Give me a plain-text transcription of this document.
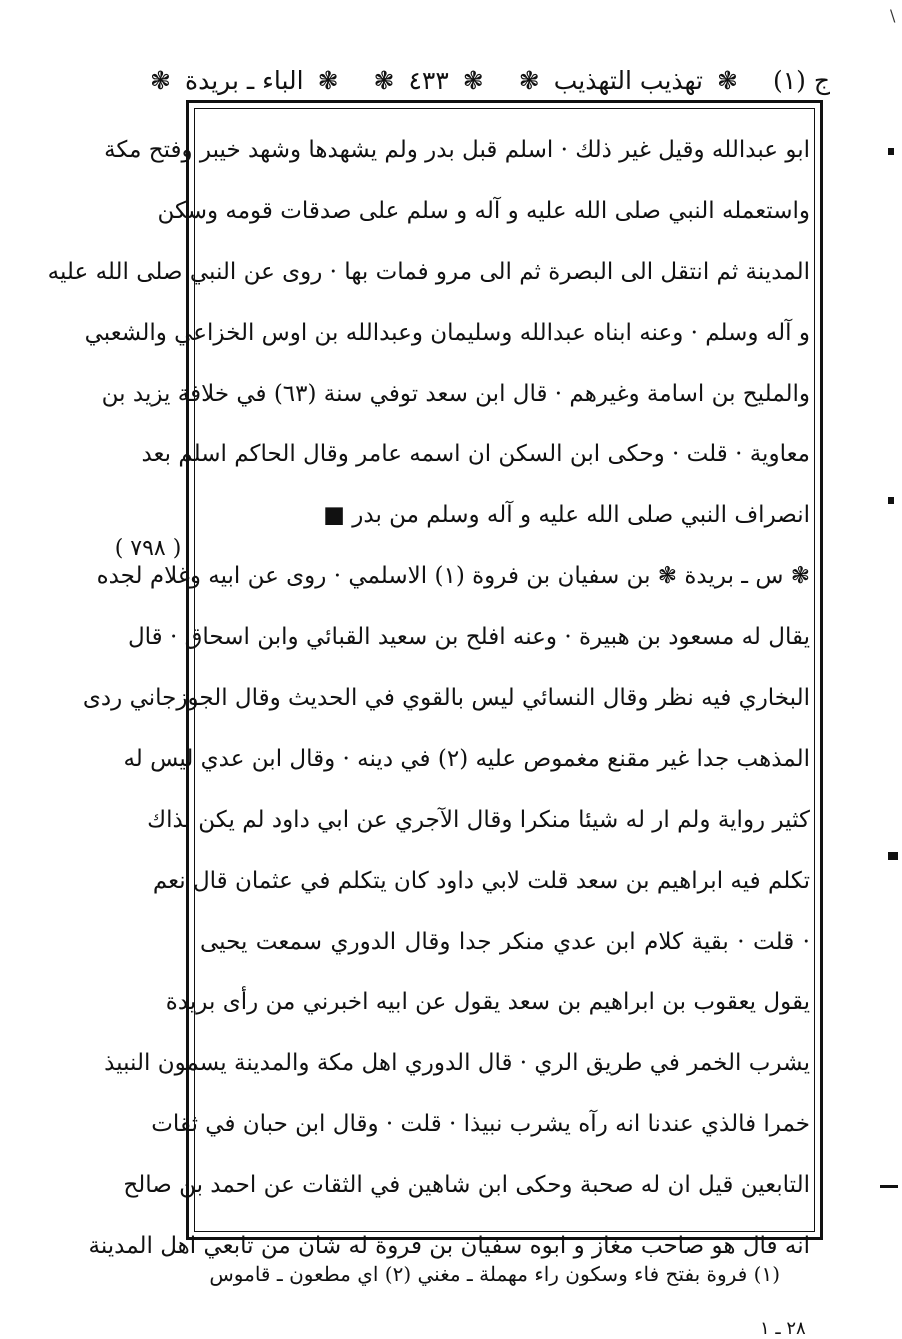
\
ج (١)
❃
تهذيب التهذيب
❃
❃
٤٣٣
❃
❃
الباء ـ بريدة
❃
ابو عبدالله وقيل غير ذلك · اسلم قبل بدر ولم يشهدها وشهد خيبر وفتح مكة
واستعمله النبي صلى الله عليه و آله و سلم على صدقات قومه وسكن
المدينة ثم انتقل الى البصرة ثم الى مرو فمات بها · روى عن النبي صلى الله عليه
و آله وسلم · وعنه ابناه عبدالله وسليمان وعبدالله بن اوس الخزاعي والشعبي
والمليح بن اسامة وغيرهم · قال ابن سعد توفي سنة (٦٣) في خلافة يزيد بن
معاوية · قلت · وحكى ابن السكن ان اسمه عامر وقال الحاكم اسلم بعد
انصراف النبي صلى الله عليه و آله وسلم من بدر ■
❃ س ـ بريدة ❃ بن سفيان بن فروة (١) الاسلمي · روى عن ابيه وغلام لجده
يقال له مسعود بن هبيرة · وعنه افلح بن سعيد القبائي وابن اسحاق · قال
البخاري فيه نظر وقال النسائي ليس بالقوي في الحديث وقال الجوزجاني ردى
المذهب جدا غير مقنع مغموص عليه (٢) في دينه · وقال ابن عدي ليس له
كثير رواية ولم ار له شيئا منكرا وقال الآجري عن ابي داود لم يكن بذاك
تكلم فيه ابراهيم بن سعد قلت لابي داود كان يتكلم في عثمان قال نعم
· قلت · بقية كلام ابن عدي منكر جدا وقال الدوري سمعت يحيى
يقول يعقوب بن ابراهيم بن سعد يقول عن ابيه اخبرني من رأى بريدة
يشرب الخمر في طريق الري · قال الدوري اهل مكة والمدينة يسمون النبيذ
خمرا فالذي عندنا انه رآه يشرب نبيذا · قلت · وقال ابن حبان في ثقات
التابعين قيل ان له صحبة وحكى ابن شاهين في الثقات عن احمد بن صالح
انه قال هو صاحب مغاز و ابوه سفيان بن فروة له شان من تابعي اهل المدينة
( ٧٩٨ )
(١) فروة بفتح فاء وسكون راء مهملة ـ مغني (٢) اي مطعون ـ قاموس
٢٨ ـ ١
